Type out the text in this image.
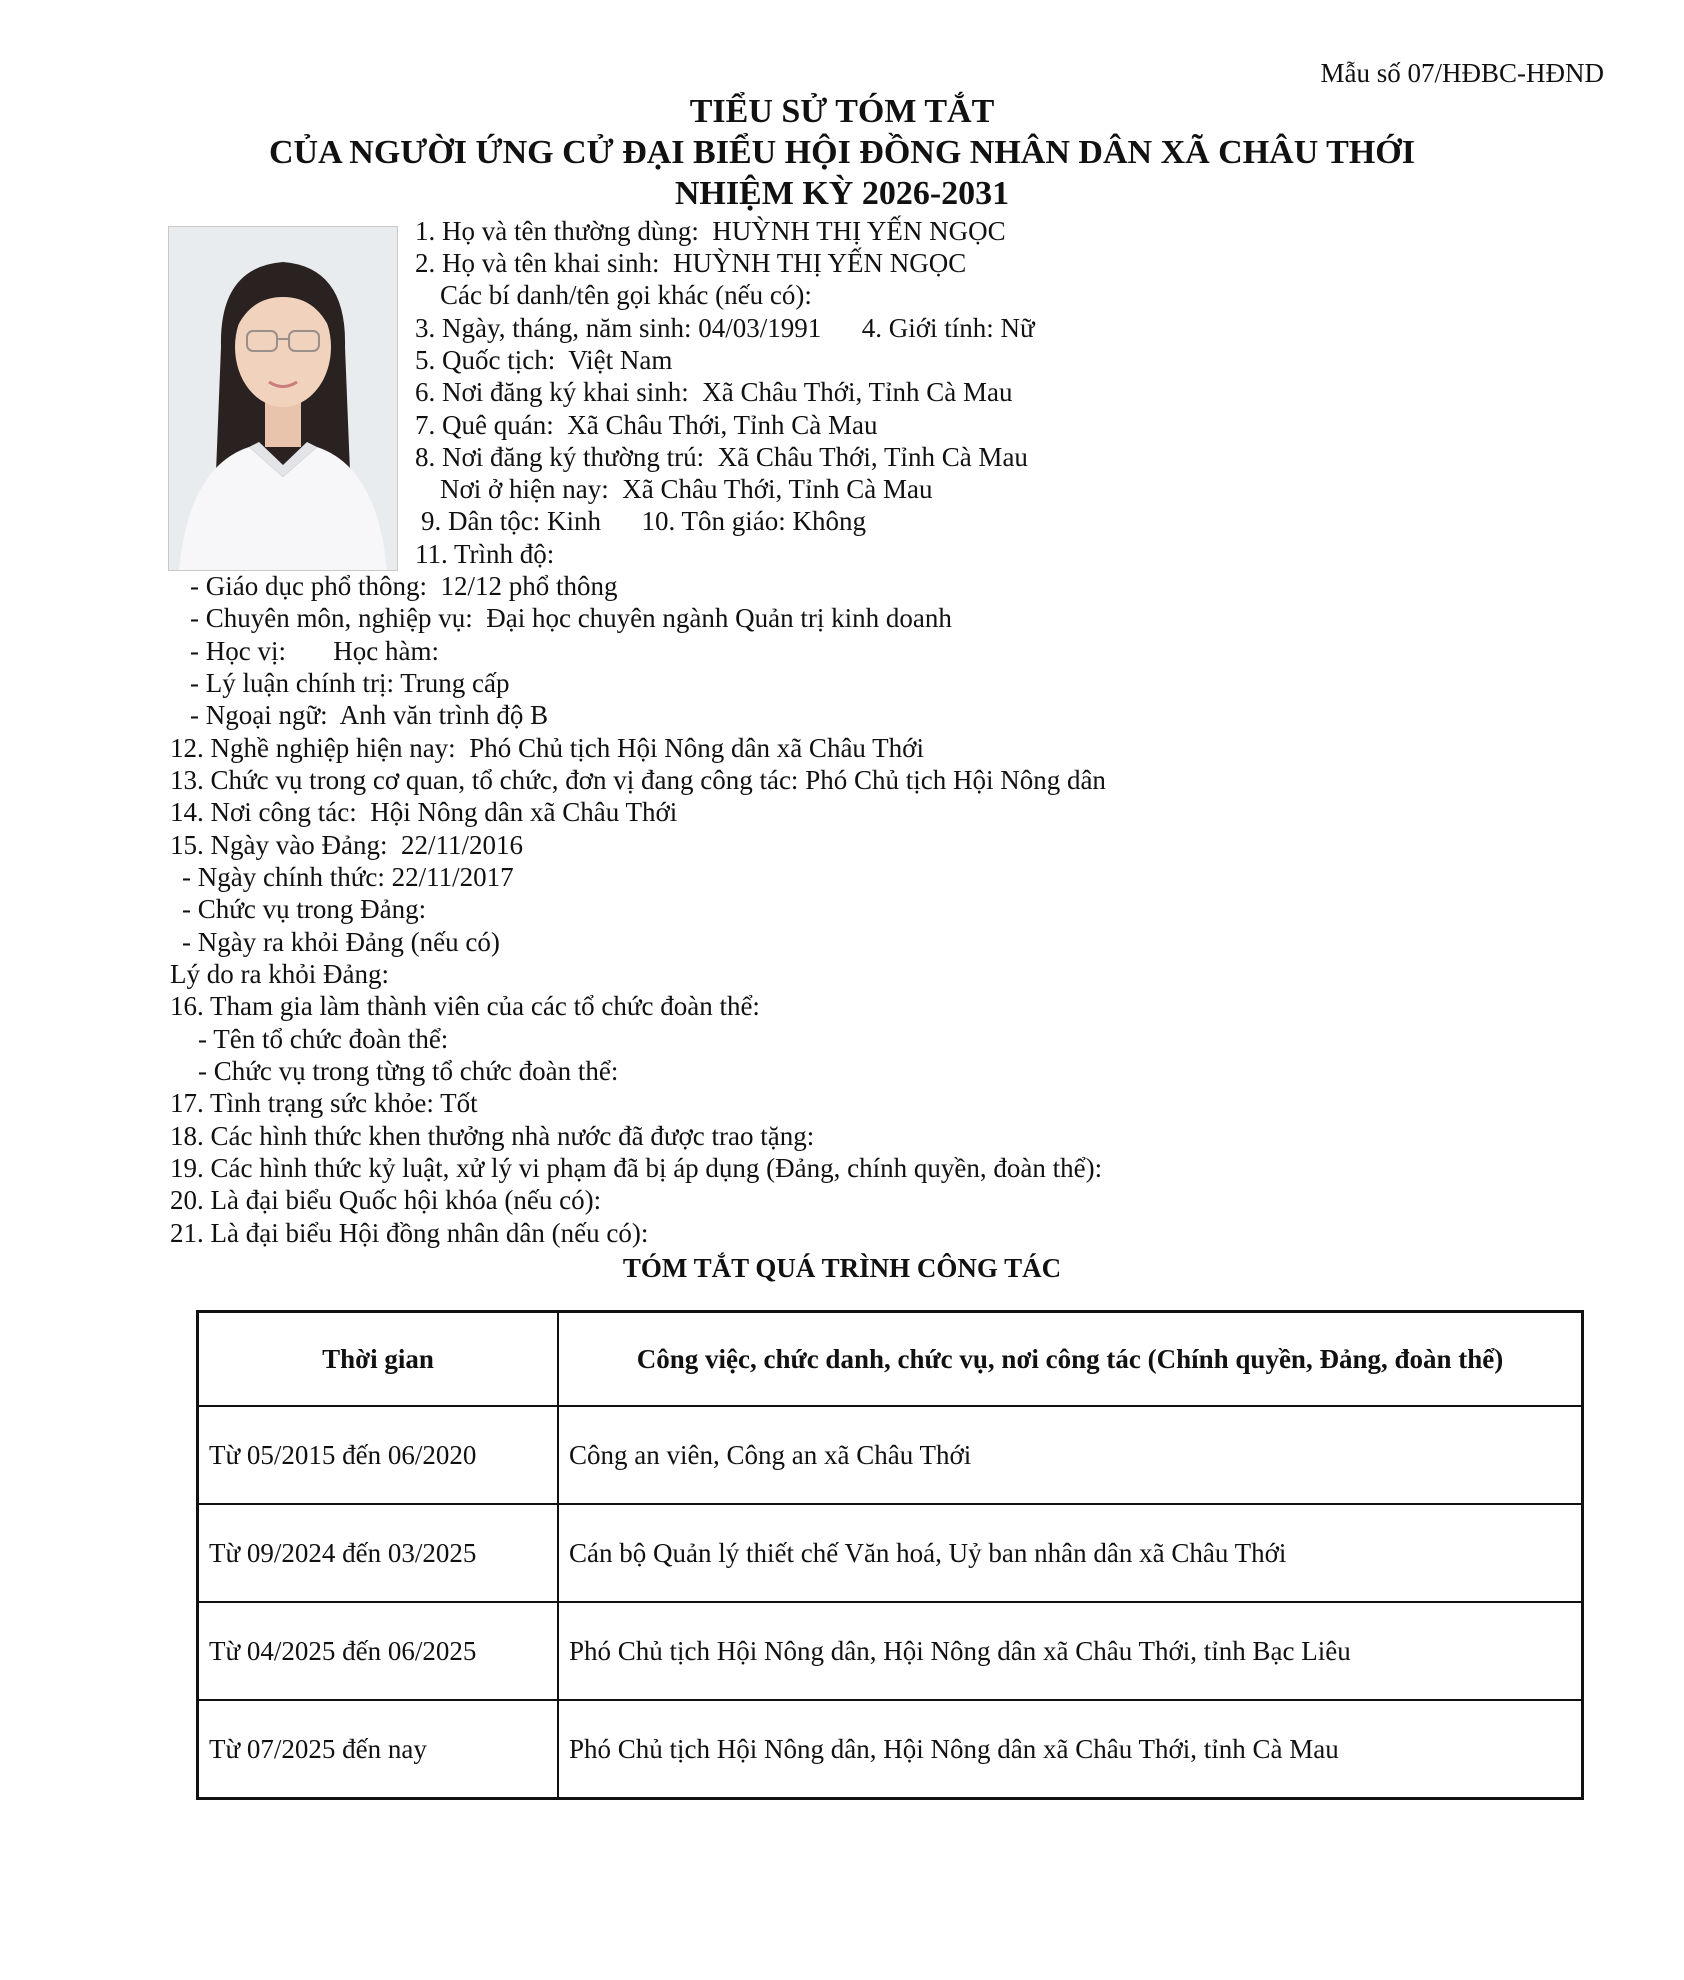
Mẫu số 07/HĐBC-HĐND
TIỂU SỬ TÓM TẮT
CỦA NGƯỜI ỨNG CỬ ĐẠI BIỂU HỘI ĐỒNG NHÂN DÂN XÃ CHÂU THỚI
NHIỆM KỲ 2026-2031
1. Họ và tên thường dùng: HUỲNH THỊ YẾN NGỌC
2. Họ và tên khai sinh: HUỲNH THỊ YẾN NGỌC
Các bí danh/tên gọi khác (nếu có):
3. Ngày, tháng, năm sinh: 04/03/1991 4. Giới tính: Nữ
5. Quốc tịch: Việt Nam
6. Nơi đăng ký khai sinh: Xã Châu Thới, Tỉnh Cà Mau
7. Quê quán: Xã Châu Thới, Tỉnh Cà Mau
8. Nơi đăng ký thường trú: Xã Châu Thới, Tỉnh Cà Mau
Nơi ở hiện nay: Xã Châu Thới, Tỉnh Cà Mau
9. Dân tộc: Kinh 10. Tôn giáo: Không
11. Trình độ:
- Giáo dục phổ thông: 12/12 phổ thông
- Chuyên môn, nghiệp vụ: Đại học chuyên ngành Quản trị kinh doanh
- Học vị: Học hàm:
- Lý luận chính trị: Trung cấp
- Ngoại ngữ: Anh văn trình độ B
12. Nghề nghiệp hiện nay: Phó Chủ tịch Hội Nông dân xã Châu Thới
13. Chức vụ trong cơ quan, tổ chức, đơn vị đang công tác: Phó Chủ tịch Hội Nông dân
14. Nơi công tác: Hội Nông dân xã Châu Thới
15. Ngày vào Đảng: 22/11/2016
- Ngày chính thức: 22/11/2017
- Chức vụ trong Đảng:
- Ngày ra khỏi Đảng (nếu có)
Lý do ra khỏi Đảng:
16. Tham gia làm thành viên của các tổ chức đoàn thể:
- Tên tổ chức đoàn thể:
- Chức vụ trong từng tổ chức đoàn thể:
17. Tình trạng sức khỏe: Tốt
18. Các hình thức khen thưởng nhà nước đã được trao tặng:
19. Các hình thức kỷ luật, xử lý vi phạm đã bị áp dụng (Đảng, chính quyền, đoàn thể):
20. Là đại biểu Quốc hội khóa (nếu có):
21. Là đại biểu Hội đồng nhân dân (nếu có):
TÓM TẮT QUÁ TRÌNH CÔNG TÁC
Thời gian	Công việc, chức danh, chức vụ, nơi công tác (Chính quyền, Đảng, đoàn thể)
Từ 05/2015 đến 06/2020	Công an viên, Công an xã Châu Thới
Từ 09/2024 đến 03/2025	Cán bộ Quản lý thiết chế Văn hoá, Uỷ ban nhân dân xã Châu Thới
Từ 04/2025 đến 06/2025	Phó Chủ tịch Hội Nông dân, Hội Nông dân xã Châu Thới, tỉnh Bạc Liêu
Từ 07/2025 đến nay	Phó Chủ tịch Hội Nông dân, Hội Nông dân xã Châu Thới, tỉnh Cà Mau
